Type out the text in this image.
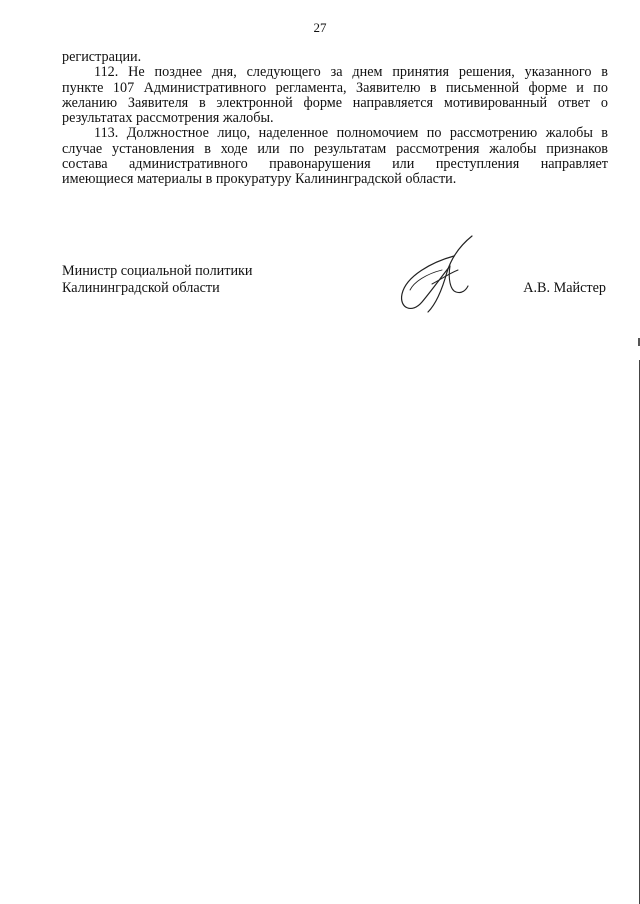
27
регистрации.
112. Не позднее дня, следующего за днем принятия решения, указанного в
пункте 107 Административного регламента, Заявителю в письменной форме и по
желанию Заявителя в электронной форме направляется мотивированный ответ о
результатах рассмотрения жалобы.
113. Должностное лицо, наделенное полномочием по рассмотрению жалобы в
случае установления в ходе или по результатам рассмотрения жалобы признаков
состава административного правонарушения или преступления направляет
имеющиеся материалы в прокуратуру Калининградской области.
Министр социальной политики
Калининградской области	А.В. Майстер
